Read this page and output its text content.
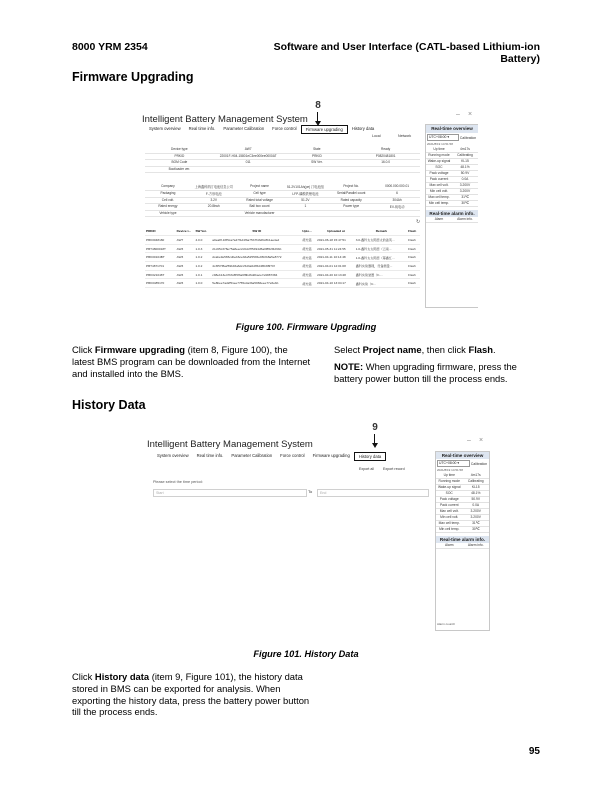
8000 YRM 2354	Software and User Interface (CATL-based Lithium-ion Battery)
Firmware Upgrading
8
Intelligent Battery Management System	– ×
System overview	Real time info.	Parameter Calibration	Force control	Firmware upgrading	History data
Local	Network
Device type	AW7	State	Ready
PRKID	22001F-H04-15801eC3ee000ee0000AT	PRKID	P0820481801
BOM Code	011	SW Ver.	16.0.0
Bootloader ver.
Company	上海鑫科纳汀电池信息公司	Project name	51.2V101Ah(pe) 汀电池组	Project No.	0000.000.000.01
Packaging	F-方形电池	Cell type	LFP-磷酸铁锂电池	Serial/Parallel count	6
Cell volt.	3.2V	Rated total voltage	51.2V	Rated capacity	304Ah
Rated energy	20.8kwh	Ball box count	1	Power type	EV-纯电动
Vehicle type	Vehicle manufacturer
↻
PRKID	Device t...	SW Ver.	SW ID	Uplo...	Uploaded at	Remark	Flash
PBK0048180	AW7	4.0.0	a0ea8f-1f85ca7a47f1d4fba75b7f43d6c8b1ae4ed	胡光铭	2021-06-18 15:47:51	3.0-鑫科太太陈经太的盖英...	Flash
PBT4800018T	AW3	1.0.3	21c65c378e75a8eec2c6dd7f5494d5a0f852f429bb	胡光铭	2021-05-31 11:24:55	1.0-鑫科太太陈经（云南...	Flash
PBK00104BT	AW3	1.0.2	dcabe9e565cdbeb6ceb6a5255b5eb5f2b8a5e8772	胡光铭	2021-04-11 10:14:48	1.0-鑫科太太陈经（幂鑫红...	Flash
PBT4871701	AW3	1.0.2	4c3f57f8a259b46a6dcc5d3a6d35d4f6b88f70f	胡光铭	2021-04-01 12:01:08	鑫科实验器锂，设备测量...	Flash
PBK021048T	AW3	1.0.1	c98eb13e47b6d55f3a6f8bd6d2bace7e9887384	胡光铭	2021-04-20 10:13:48	鑫科实验装置（F-...	Flash
PBK0485170	AW3	1.0.0	5e8bee7ad2f51ee7755cda3ba5966eee77e6ebb	胡光铭	2021-04-10 13:04:17	鑫科实验（C...	Flash
Real-time overview
UTC+08:00 ▾
2021/8/19 14:51:58
Calibration
Up time	4m17s
Running mode	Calibrating
Wake-up signal	KL15
SOC	48.1%
Pack voltage	50.9V
Pack current	0.0A
Max cell volt.	3.200V
Min cell volt.	3.200V
Max cell temp.	31℃
Min cell temp.	30℃
Real-time alarm info.
Alarm	Alarm info.
Figure 100. Firmware Upgrading
Click Firmware upgrading (item 8, Figure 100), the latest BMS program can be downloaded from the Internet and installed into the BMS.
Select Project name, then click Flash.
NOTE: When upgrading firmware, press the battery power button till the process ends.
History Data
9
Intelligent Battery Management System	– ×
System overview	Real time info.	Parameter Calibration	Force control	Firmware upgrading	History data
Export all	Export record
Please select the time period:
Start	To	End
Real-time overview
UTC+08:00 ▾
2021/8/19 14:51:58
Calibration
Up time	4m17s
Running mode	Calibrating
Wake-up signal	KL15
SOC	48.1%
Pack voltage	50.9V
Pack current	0.0A
Max cell volt.	3.200V
Min cell volt.	3.200V
Max cell temp.	31℃
Min cell temp.	30℃
Real-time alarm info.
Alarm	Alarm info.
Alarm count0
Figure 101. History Data
Click History data (item 9, Figure 101), the history data stored in BMS can be exported for analysis. When exporting the history data, press the battery power button till the process ends.
95
